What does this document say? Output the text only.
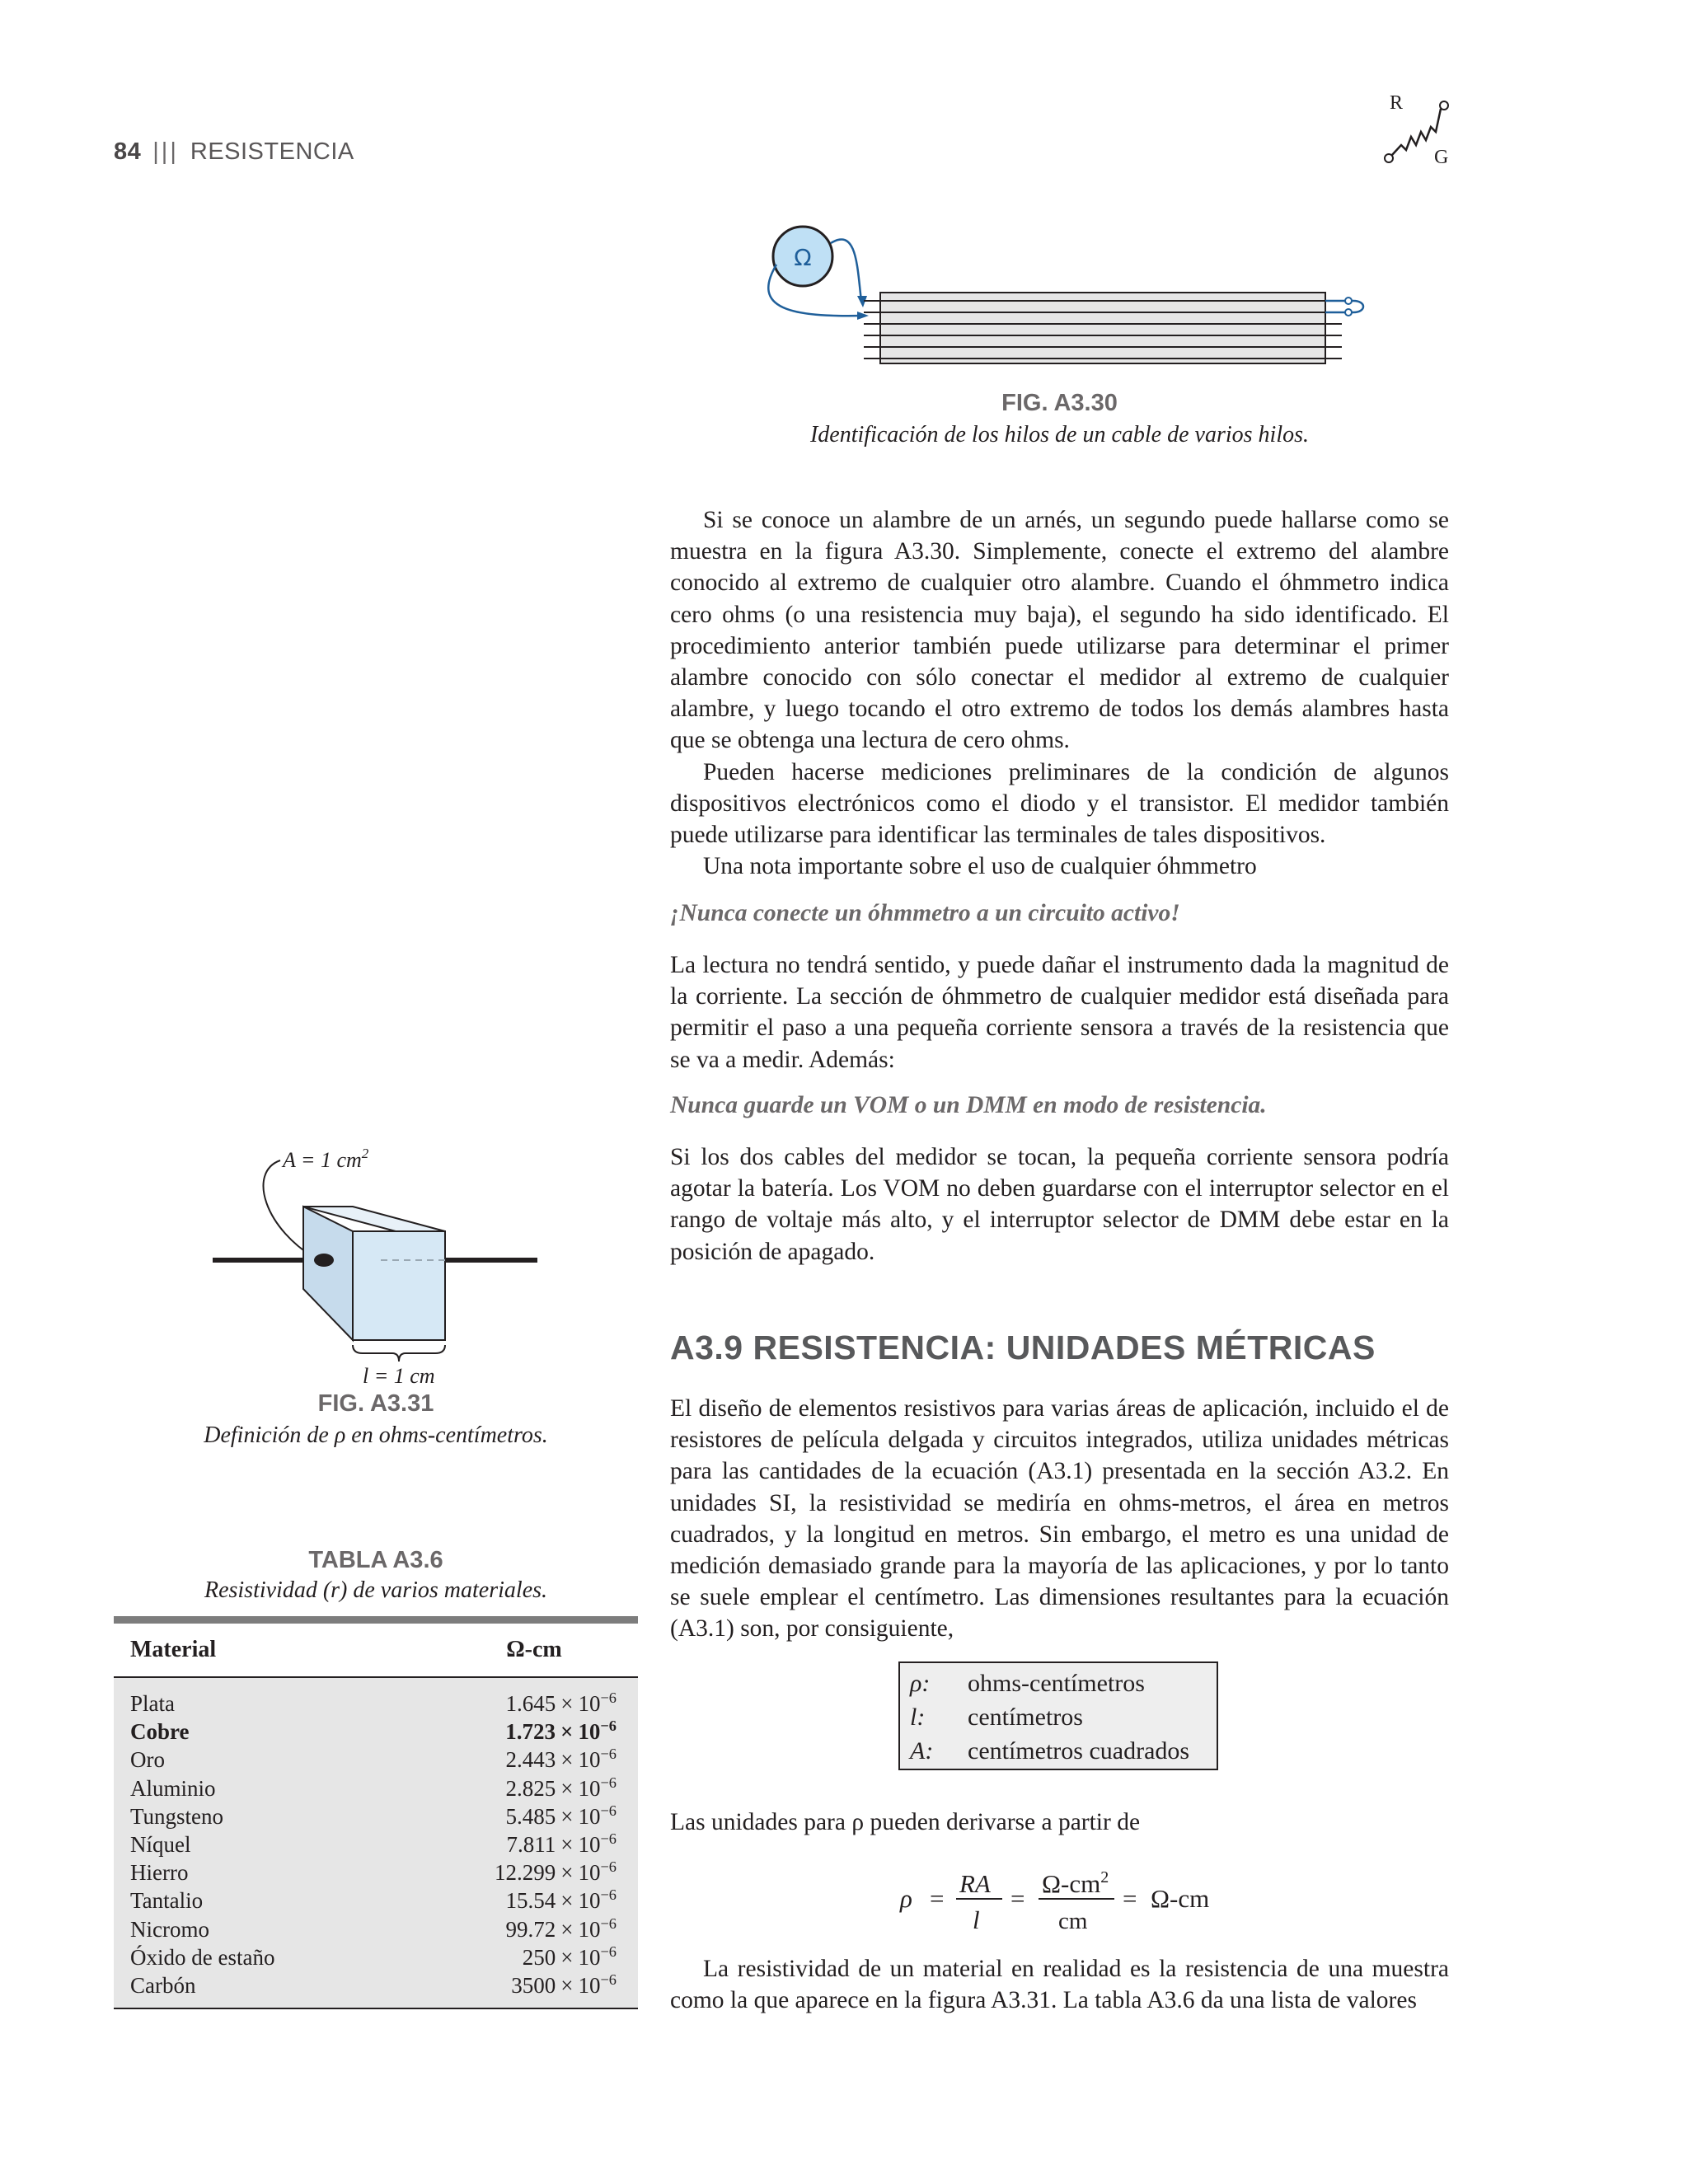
84 ||| RESISTENCIA
R
G
Ω
FIG. A3.30
Identificación de los hilos de un cable de varios hilos.

Si se conoce un alambre de un arnés, un segundo puede hallarse como se muestra en la figura A3.30. Simplemente, conecte el extremo del alambre conocido al extremo de cualquier otro alambre. Cuando el óhmmetro indica cero ohms (o una resistencia muy baja), el segundo ha sido identificado. El procedimiento anterior también puede utilizarse para determinar el primer alambre conocido con sólo conectar el medidor al extremo de cualquier alambre, y luego tocando el otro extremo de todos los demás alambres hasta que se obtenga una lectura de cero ohms.

Pueden hacerse mediciones preliminares de la condición de algunos dispositivos electrónicos como el diodo y el transistor. El medidor también puede utilizarse para identificar las terminales de tales dispositivos.

Una nota importante sobre el uso de cualquier óhmmetro

¡Nunca conecte un óhmmetro a un circuito activo!
La lectura no tendrá sentido, y puede dañar el instrumento dada la magnitud de la corriente. La sección de óhmmetro de cualquier medidor está diseñada para permitir el paso a una pequeña corriente sensora a través de la resistencia que se va a medir. Además:
Nunca guarde un VOM o un DMM en modo de resistencia.
Si los dos cables del medidor se tocan, la pequeña corriente sensora podría agotar la batería. Los VOM no deben guardarse con el interruptor selector en el rango de voltaje más alto, y el interruptor selector de DMM debe estar en la posición de apagado.
A = 1 $cm^2$
l = 1 cm
FIG. A3.31
Definición de ρ en ohms-centímetros.
A3.9 RESISTENCIA: UNIDADES MÉTRICAS

El diseño de elementos resistivos para varias áreas de aplicación, incluido el de resistores de película delgada y circuitos integrados, utiliza unidades métricas para las cantidades de la ecuación (A3.1) presentada en la sección A3.2. En unidades SI, la resistividad se mediría en ohms-metros, el área en metros cuadrados, y la longitud en metros. Sin embargo, el metro es una unidad de medición demasiado grande para la mayoría de las aplicaciones, y por lo tanto se suele emplear el centímetro. Las dimensiones resultantes para la ecuación (A3.1) son, por consiguiente,

ρ:	ohms-centímetros
l:	centímetros
A:	centímetros cuadrados
Las unidades para ρ pueden derivarse a partir de
ρ =
RA
l
=
$\Omega-cm^2$
cm
= Ω-cm

La resistividad de un material en realidad es la resistencia de una muestra como la que aparece en la figura A3.31. La tabla A3.6 da una lista de valores

TABLA A3.6
Resistividad (r) de varios materiales.
Material	Ω-cm
Plata	$1.645 \times 10^{-6}$
Cobre	$1.723 \times 10^{-6}$
Oro	$2.443 \times 10^{-6}$
Aluminio	$2.825 \times 10^{-6}$
Tungsteno	$5.485 \times 10^{-6}$
Níquel	$7.811 \times 10^{-6}$
Hierro	$12.299 \times 10^{-6}$
Tantalio	$15.54 \times 10^{-6}$
Nicromo	$99.72 \times 10^{-6}$
Óxido de estaño	$250 \times 10^{-6}$
Carbón	$3500 \times 10^{-6}$
